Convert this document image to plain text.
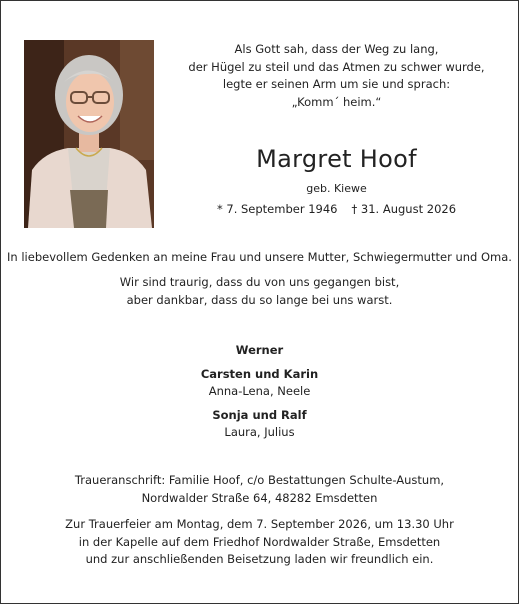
Als Gott sah, dass der Weg zu lang,
der Hügel zu steil und das Atmen zu schwer wurde,
legte er seinen Arm um sie und sprach:
„Komm´ heim.“
Margret Hoof
geb. Kiewe
* 7. September 1946 † 31. August 2026
In liebevollem Gedenken an meine Frau und unsere Mutter, Schwiegermutter und Oma.
Wir sind traurig, dass du von uns gegangen bist,
aber dankbar, dass du so lange bei uns warst.
Werner
Carsten und Karin
Anna-Lena, Neele
Sonja und Ralf
Laura, Julius
Traueranschrift: Familie Hoof, c/o Bestattungen Schulte-Austum,
Nordwalder Straße 64, 48282 Emsdetten
Zur Trauerfeier am Montag, dem 7. September 2026, um 13.30 Uhr
in der Kapelle auf dem Friedhof Nordwalder Straße, Emsdetten
und zur anschließenden Beisetzung laden wir freundlich ein.
